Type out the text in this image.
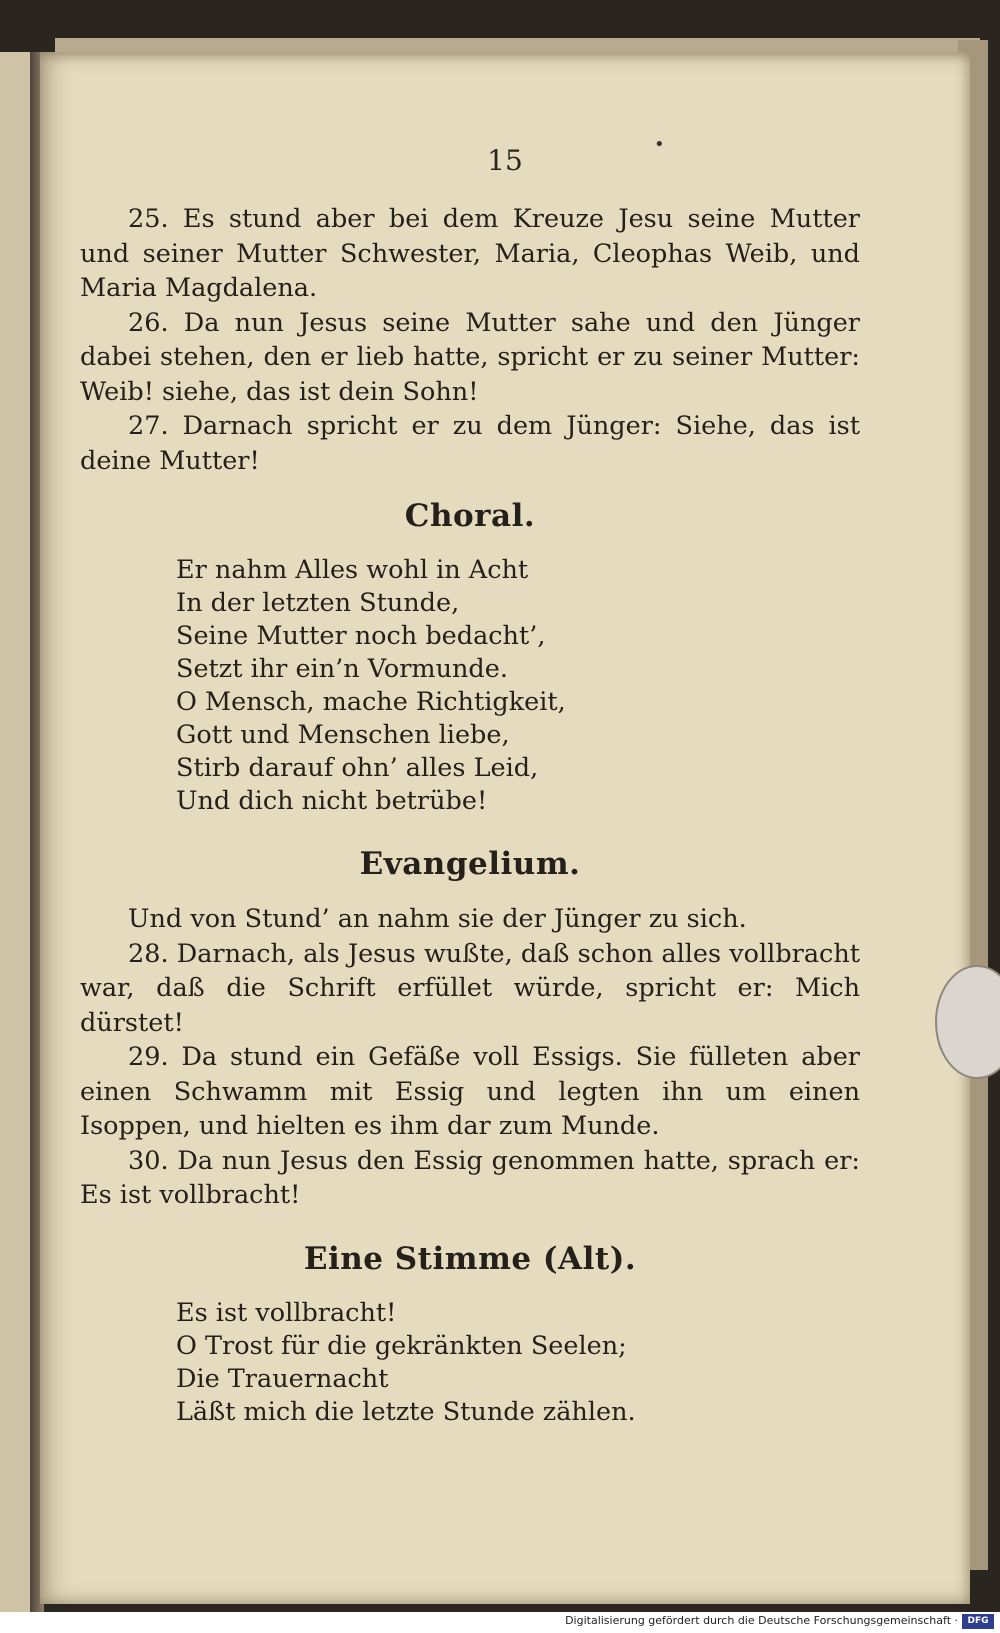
15	•

25. Es stund aber bei dem Kreuze Jesu seine Mutter und seiner Mutter Schwester, Maria, Cleophas Weib, und Maria Magdalena.

26. Da nun Jesus seine Mutter sahe und den Jünger dabei stehen, den er lieb hatte, spricht er zu seiner Mutter: Weib! siehe, das ist dein Sohn!

27. Darnach spricht er zu dem Jünger: Siehe, das ist deine Mutter!

Choral.
Er nahm Alles wohl in Acht
In der letzten Stunde,
Seine Mutter noch bedacht’,
Setzt ihr ein’n Vormunde.
O Mensch, mache Richtigkeit,
Gott und Menschen liebe,
Stirb darauf ohn’ alles Leid,
Und dich nicht betrübe!
Evangelium.

Und von Stund’ an nahm sie der Jünger zu sich.

28. Darnach, als Jesus wußte, daß schon alles vollbracht war, daß die Schrift erfüllet würde, spricht er: Mich dürstet!

29. Da stund ein Gefäße voll Essigs. Sie fülleten aber einen Schwamm mit Essig und legten ihn um einen Isoppen, und hielten es ihm dar zum Munde.

30. Da nun Jesus den Essig genommen hatte, sprach er: Es ist vollbracht!

Eine Stimme (Alt).
Es ist vollbracht!
O Trost für die gekränkten Seelen;
Die Trauernacht
Läßt mich die letzte Stunde zählen.
Digitalisierung gefördert durch die Deutsche Forschungsgemeinschaft ·	DFG
